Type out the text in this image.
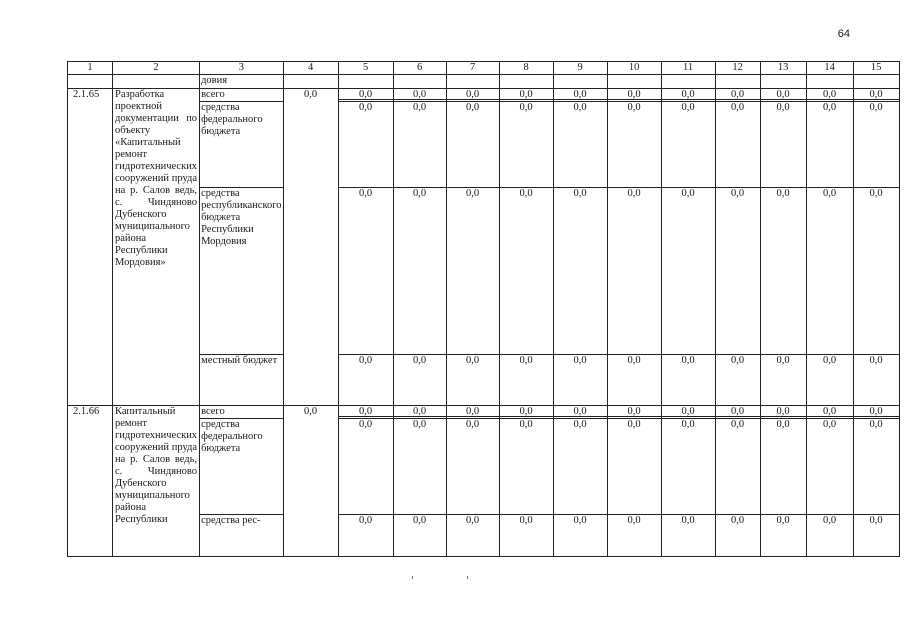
64
1	2	3	4	5	6	7	8	9	10	11	12	13	14	15
		довия												
2.1.65	Разработка проектной документации по объекту «Капитальный ремонт гидротехнических сооружений пруда на р. Салов ведь, с. Чиндяново Дубенского муниципального района Республики Мордовия»	всего	0,0	0,0	0,0	0,0	0,0	0,0	0,0	0,0	0,0	0,0	0,0	0,0
		средства федерального бюджета		0,0	0,0	0,0	0,0	0,0	0,0	0,0	0,0	0,0	0,0	0,0
		средства республиканского бюджета Республики Мордовия		0,0	0,0	0,0	0,0	0,0	0,0	0,0	0,0	0,0	0,0	0,0
		местный бюджет		0,0	0,0	0,0	0,0	0,0	0,0	0,0	0,0	0,0	0,0	0,0
2.1.66	Капитальный ремонт гидротехнических сооружений пруда на р. Салов ведь, с. Чиндяново Дубенского муниципального района Республики	всего	0,0	0,0	0,0	0,0	0,0	0,0	0,0	0,0	0,0	0,0	0,0	0,0
		средства федерального бюджета		0,0	0,0	0,0	0,0	0,0	0,0	0,0	0,0	0,0	0,0	0,0
		средства рес-		0,0	0,0	0,0	0,0	0,0	0,0	0,0	0,0	0,0	0,0	0,0
